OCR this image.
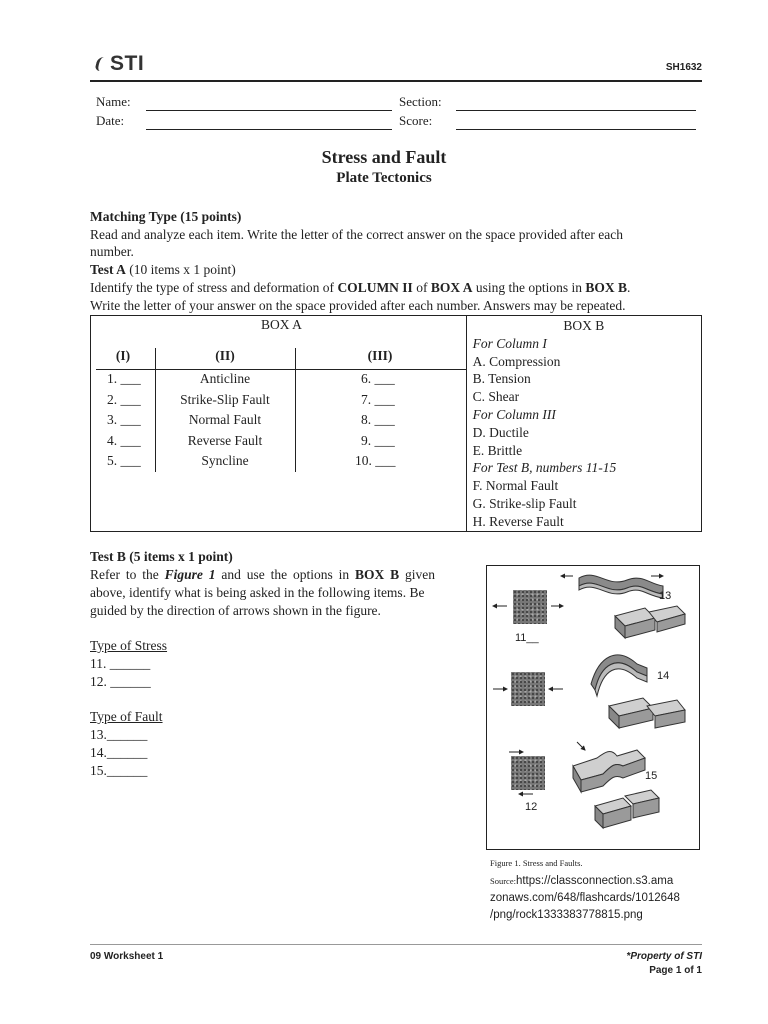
STI	SH1632
Name:	Section:
Date:	Score:
Stress and Fault
Plate Tectonics
Matching Type (15 points)
Read and analyze each item. Write the letter of the correct answer on the space provided after each
number.
Test A (10 items x 1 point)
Identify the type of stress and deformation of COLUMN II of BOX A using the options in BOX B.
Write the letter of your answer on the space provided after each number. Answers may be repeated.
BOX A
(I)	(II)	(III)
1. ___	Anticline	6. ___
2. ___	Strike-Slip Fault	7. ___
3. ___	Normal Fault	8. ___
4. ___	Reverse Fault	9. ___
5. ___	Syncline	10. ___

BOX B
For Column I
A. Compression
B. Tension
C. Shear
For Column III
D. Ductile
E. Brittle
For Test B, numbers 11-15
F. Normal Fault
G. Strike-slip Fault
H. Reverse Fault
Test B (5 items x 1 point)
Refer to the Figure 1 and use the options in BOX B given
above, identify what is being asked in the following items. Be
guided by the direction of arrows shown in the figure.
Type of Stress
11. ______
12. ______
Type of Fault
13.______
14.______
15.______
11__
12
13
14
15
Figure 1. Stress and Faults.
Source:https://classconnection.s3.ama
zonaws.com/648/flashcards/1012648
/png/rock1333383778815.png
09 Worksheet 1	*Property of STI
Page 1 of 1
